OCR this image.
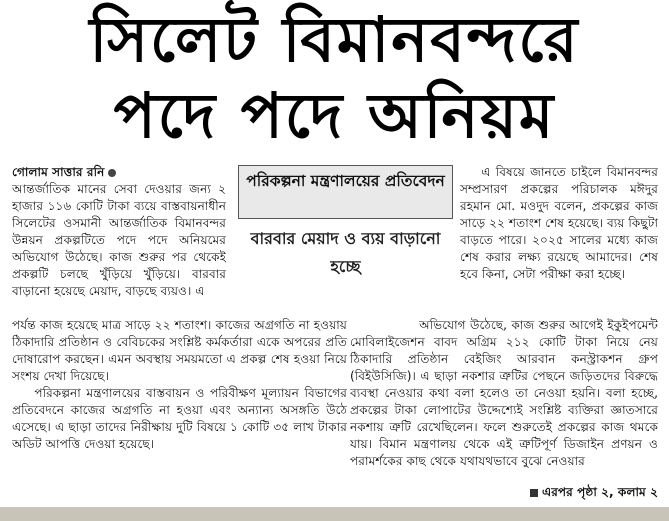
সিলেট বিমানবন্দরে
পদে পদে অনিয়ম
গোলাম সাত্তার রনি
আন্তর্জাতিক মানের সেবা দেওয়ার জন্য ২ হাজার ১১৬ কোটি টাকা ব্যয়ে বাস্তবায়নাধীন সিলেটের ওসমানী আন্তর্জাতিক বিমানবন্দর উন্নয়ন প্রকল্পটিতে পদে পদে অনিয়মের অভিযোগ উঠেছে। কাজ শুরুর পর থেকেই প্রকল্পটি চলছে খুঁড়িয়ে খুঁড়িয়ে। বারবার বাড়ানো হয়েছে মেয়াদ, বাড়ছে ব্যয়ও। এ
পরিকল্পনা মন্ত্রণালয়ের প্রতিবেদন
বারবার মেয়াদ ও ব্যয় বাড়ানো হচ্ছে
পর্যন্ত কাজ হয়েছে মাত্র সাড়ে ২২ শতাংশ। কাজের অগ্রগতি না হওয়ায় ঠিকাদারি প্রতিষ্ঠান ও বেবিচকের সংশ্লিষ্ট কর্মকর্তারা একে অপরের প্রতি দোষারোপ করছেন। এমন অবস্থায় সময়মতো এ প্রকল্প শেষ হওয়া নিয়ে সংশয় দেখা দিয়েছে।
পরিকল্পনা মন্ত্রণালয়ের বাস্তবায়ন ও পরিবীক্ষণ মূল্যায়ন বিভাগের প্রতিবেদনে কাজের অগ্রগতি না হওয়া এবং অন্যান্য অসঙ্গতি উঠে এসেছে। এ ছাড়া তাদের নিরীক্ষায় দুটি বিষয়ে ১ কোটি ৩৫ লাখ টাকার অডিট আপত্তি দেওয়া হয়েছে।
এ বিষয়ে জানতে চাইলে বিমানবন্দর সম্প্রসারণ প্রকল্পের পরিচালক মঈদুর রহমান মো. মওদুদ বলেন, প্রকল্পের কাজ সাড়ে ২২ শতাংশ শেষ হয়েছে। ব্যয় কিছুটা বাড়তে পারে। ২০২৫ সালের মধ্যে কাজ শেষ করার লক্ষ্য রয়েছে আমাদের। শেষ হবে কিনা, সেটা পরীক্ষা করা হচ্ছে।
অভিযোগ উঠেছে, কাজ শুরুর আগেই ইকুইপমেন্ট মোবিলাইজেশন বাবদ অগ্রিম ২১২ কোটি টাকা নিয়ে নেয় ঠিকাদারি প্রতিষ্ঠান বেইজিং আরবান কনস্ট্রাকশন গ্রুপ (বিইউসিজি)। এ ছাড়া নকশার ত্রুটির পেছনে জড়িতদের বিরুদ্ধে ব্যবস্থা নেওয়ার কথা বলা হলেও তা নেওয়া হয়নি। বলা হচ্ছে, প্রকল্পের টাকা লোপাটের উদ্দেশ্যেই সংশ্লিষ্ট ব্যক্তিরা জ্ঞাতসারে নকশায় ত্রুটি রেখেছিলেন। ফলে শুরুতেই প্রকল্পের কাজ থমকে যায়। বিমান মন্ত্রণালয় থেকে এই ত্রুটিপূর্ণ ডিজাইন প্রণয়ন ও পরামর্শকের কাছ থেকে যথাযথভাবে বুঝে নেওয়ার
এরপর পৃষ্ঠা ২, কলাম ২
